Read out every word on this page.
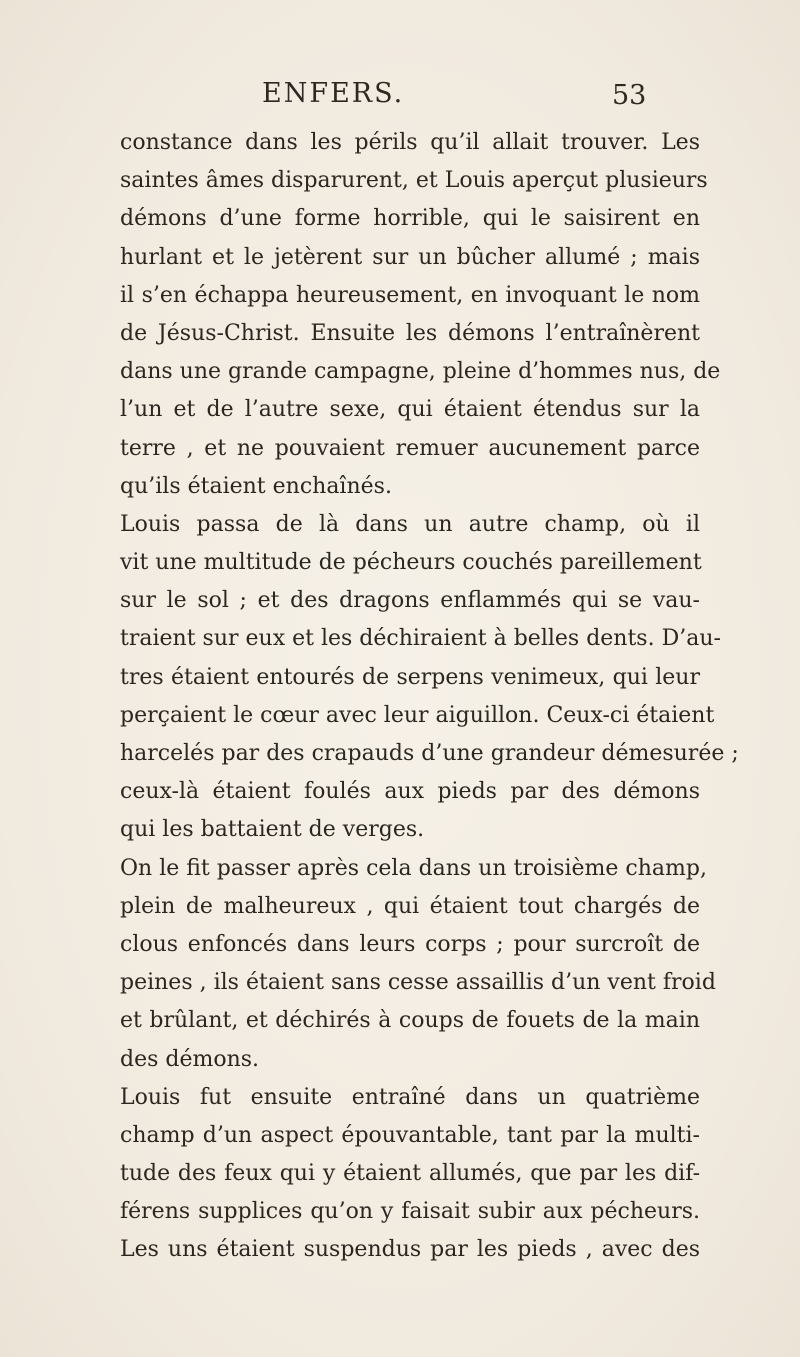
ENFERS.	53
constance dans les périls qu’il allait trouver. Les
saintes âmes disparurent, et Louis aperçut plusieurs
démons d’une forme horrible, qui le saisirent en
hurlant et le jetèrent sur un bûcher allumé ; mais
il s’en échappa heureusement, en invoquant le nom
de Jésus-Christ. Ensuite les démons l’entraînèrent
dans une grande campagne, pleine d’hommes nus, de
l’un et de l’autre sexe, qui étaient étendus sur la
terre , et ne pouvaient remuer aucunement parce
qu’ils étaient enchaînés.
Louis passa de là dans un autre champ, où il
vit une multitude de pécheurs couchés pareillement
sur le sol ; et des dragons enflammés qui se vau-
traient sur eux et les déchiraient à belles dents. D’au-
tres étaient entourés de serpens venimeux, qui leur
perçaient le cœur avec leur aiguillon. Ceux-ci étaient
harcelés par des crapauds d’une grandeur démesurée ;
ceux-là étaient foulés aux pieds par des démons
qui les battaient de verges.
On le fit passer après cela dans un troisième champ,
plein de malheureux , qui étaient tout chargés de
clous enfoncés dans leurs corps ; pour surcroît de
peines , ils étaient sans cesse assaillis d’un vent froid
et brûlant, et déchirés à coups de fouets de la main
des démons.
Louis fut ensuite entraîné dans un quatrième
champ d’un aspect épouvantable, tant par la multi-
tude des feux qui y étaient allumés, que par les dif-
férens supplices qu’on y faisait subir aux pécheurs.
Les uns étaient suspendus par les pieds , avec des
